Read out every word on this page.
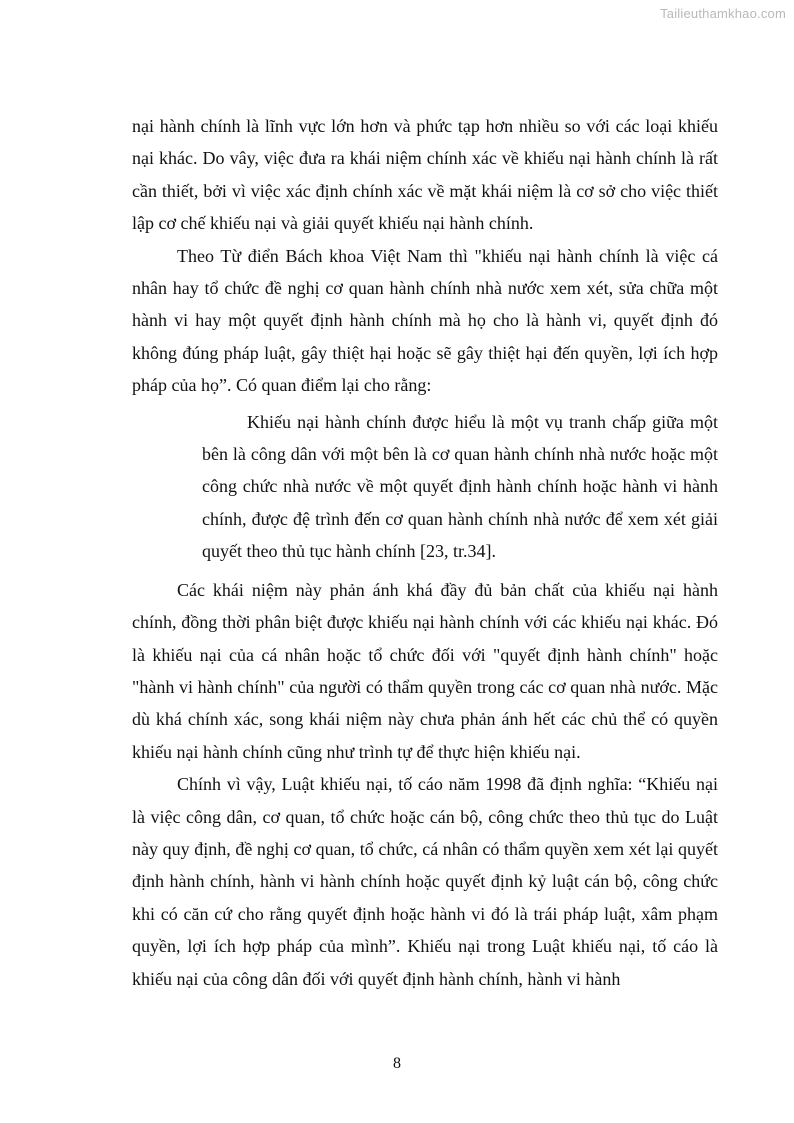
Tailieuthamkhao.com

nại hành chính là lĩnh vực lớn hơn và phức tạp hơn nhiều so với các loại khiếu nại khác. Do vây, việc đưa ra khái niệm chính xác về khiếu nại hành chính là rất cần thiết, bởi vì việc xác định chính xác về mặt khái niệm là cơ sở cho việc thiết lập cơ chế khiếu nại và giải quyết khiếu nại hành chính.

Theo Từ điển Bách khoa Việt Nam thì "khiếu nại hành chính là việc cá nhân hay tổ chức đề nghị cơ quan hành chính nhà nước xem xét, sửa chữa một hành vi hay một quyết định hành chính mà họ cho là hành vi, quyết định đó không đúng pháp luật, gây thiệt hại hoặc sẽ gây thiệt hại đến quyền, lợi ích hợp pháp của họ”. Có quan điểm lại cho rằng:

Khiếu nại hành chính được hiểu là một vụ tranh chấp giữa một bên là công dân với một bên là cơ quan hành chính nhà nước hoặc một công chức nhà nước về một quyết định hành chính hoặc hành vi hành chính, được đệ trình đến cơ quan hành chính nhà nước để xem xét giải quyết theo thủ tục hành chính [23, tr.34].

Các khái niệm này phản ánh khá đầy đủ bản chất của khiếu nại hành chính, đồng thời phân biệt được khiếu nại hành chính với các khiếu nại khác. Đó là khiếu nại của cá nhân hoặc tổ chức đối với "quyết định hành chính" hoặc "hành vi hành chính" của người có thẩm quyền trong các cơ quan nhà nước. Mặc dù khá chính xác, song khái niệm này chưa phản ánh hết các chủ thể có quyền khiếu nại hành chính cũng như trình tự để thực hiện khiếu nại.

Chính vì vậy, Luật khiếu nại, tố cáo năm 1998 đã định nghĩa: “Khiếu nại là việc công dân, cơ quan, tổ chức hoặc cán bộ, công chức theo thủ tục do Luật này quy định, đề nghị cơ quan, tổ chức, cá nhân có thẩm quyền xem xét lại quyết định hành chính, hành vi hành chính hoặc quyết định kỷ luật cán bộ, công chức khi có căn cứ cho rằng quyết định hoặc hành vi đó là trái pháp luật, xâm phạm quyền, lợi ích hợp pháp của mình”. Khiếu nại trong Luật khiếu nại, tố cáo là khiếu nại của công dân đối với quyết định hành chính, hành vi hành

8
